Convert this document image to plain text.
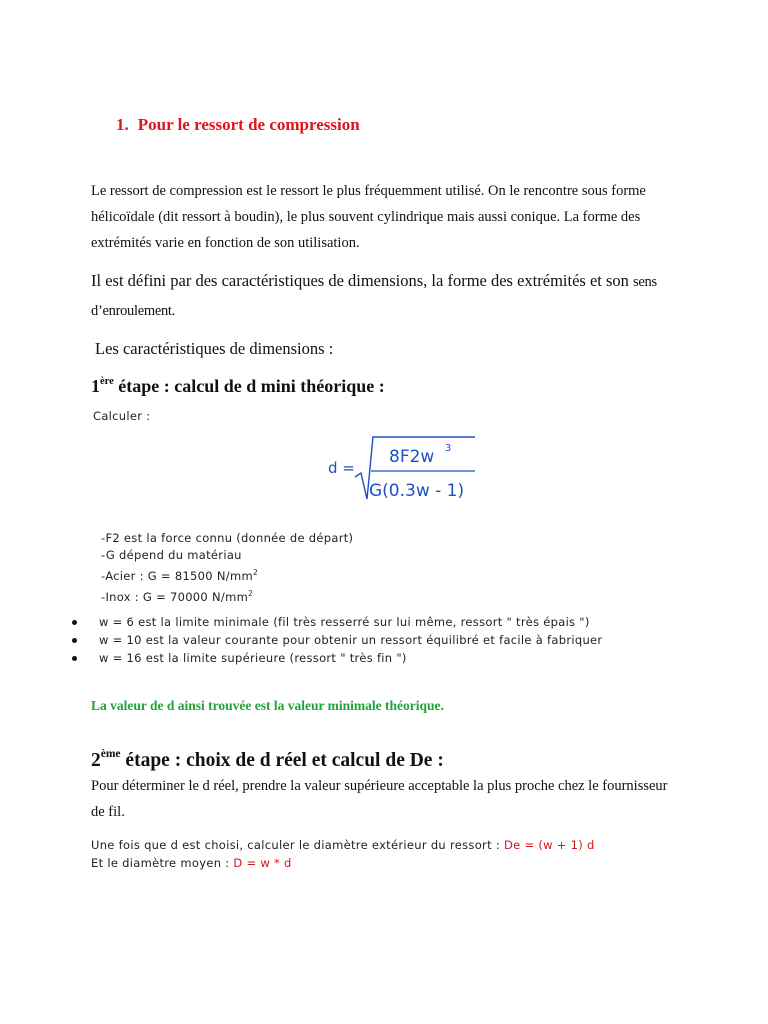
1. Pour le ressort de compression
Le ressort de compression est le ressort le plus fréquemment utilisé. On le rencontre sous forme hélicoïdale (dit ressort à boudin), le plus souvent cylindrique mais aussi conique. La forme des extrémités varie en fonction de son utilisation.
Il est défini par des caractéristiques de dimensions, la forme des extrémités et son sens d’enroulement.
Les caractéristiques de dimensions :
1ère étape : calcul de d mini théorique :
Calculer :
d =
8F2w 3
G(0.3w - 1)
-F2 est la force connu (donnée de départ)
-G dépend du matériau
-Acier : G = 81500 $N/mm^2$
-Inox : G = 70000 $N/mm^2$
w = 6 est la limite minimale (fil très resserré sur lui même, ressort " très épais ")
w = 10 est la valeur courante pour obtenir un ressort équilibré et facile à fabriquer
w = 16 est la limite supérieure (ressort " très fin ")
La valeur de d ainsi trouvée est la valeur minimale théorique.
2ème étape : choix de d réel et calcul de De :
Pour déterminer le d réel, prendre la valeur supérieure acceptable la plus proche chez le fournisseur de fil.
Une fois que d est choisi, calculer le diamètre extérieur du ressort : De = (w + 1) d
Et le diamètre moyen : D = w * d
